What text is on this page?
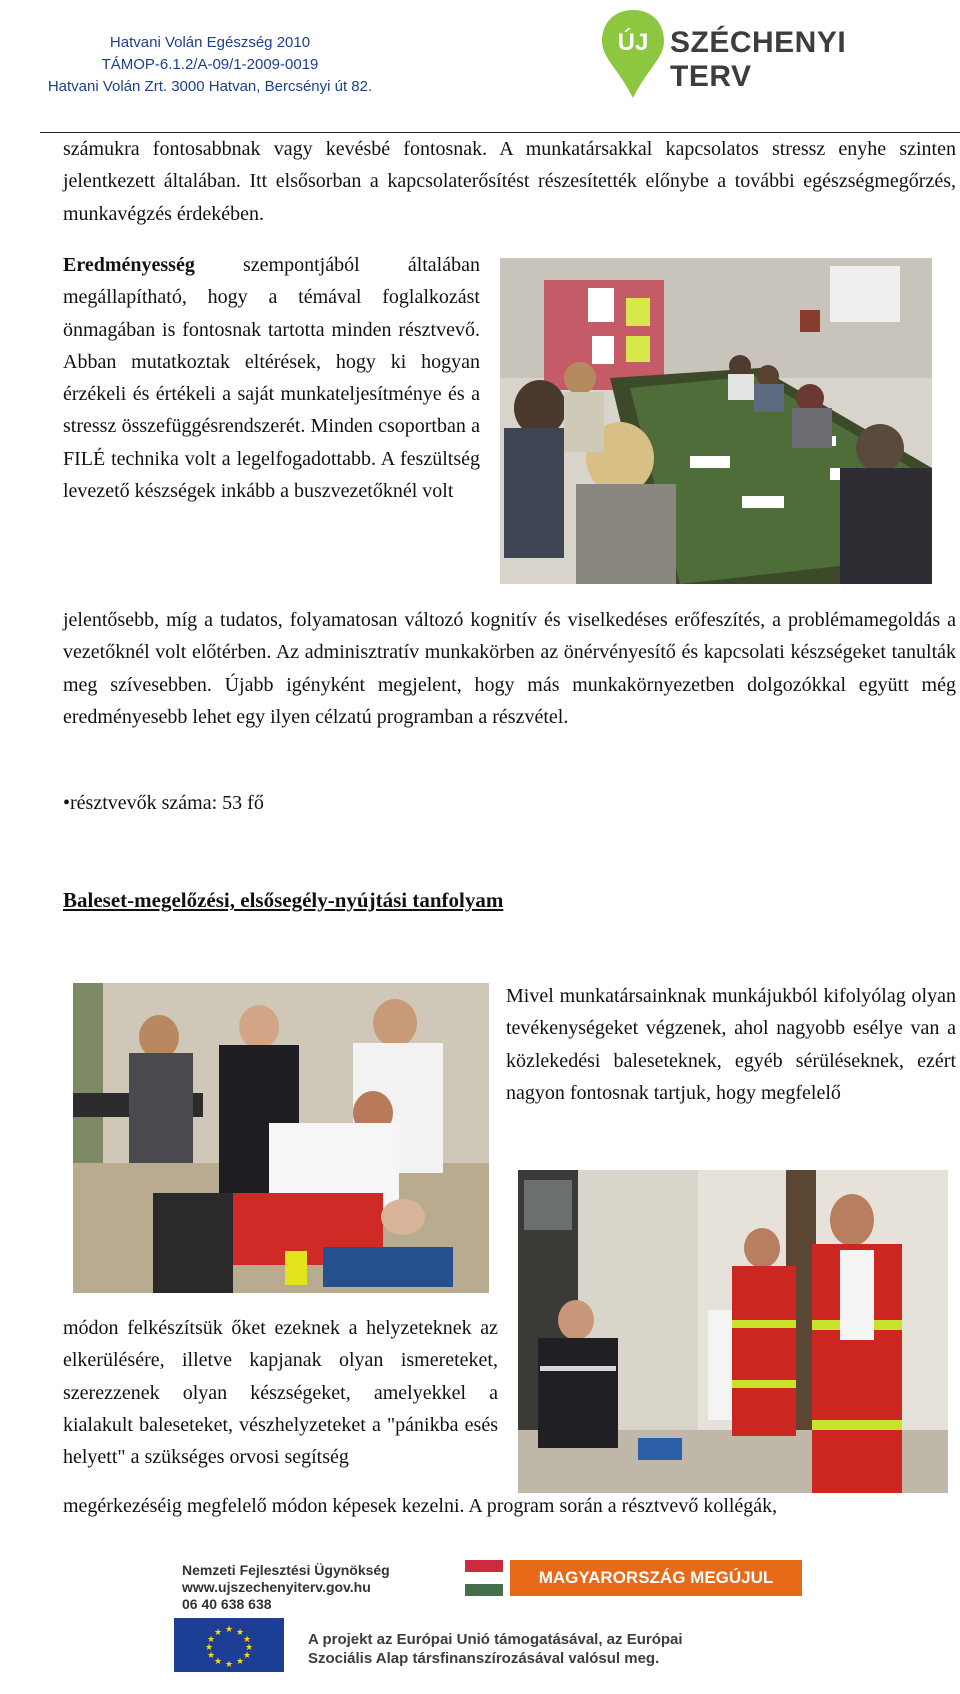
Hatvani Volán Egészség 2010
TÁMOP-6.1.2/A-09/1-2009-0019
Hatvani Volán Zrt. 3000 Hatvan, Bercsényi út 82.
ÚJ SZÉCHENYI TERV
számukra fontosabbnak vagy kevésbé fontosnak. A munkatársakkal kapcsolatos stressz enyhe szinten jelentkezett általában. Itt elsősorban a kapcsolaterősítést részesítették előnybe a további egészségmegőrzés, munkavégzés érdekében.
Eredményesség szempontjából általában megállapítható, hogy a témával foglalkozást önmagában is fontosnak tartotta minden résztvevő. Abban mutatkoztak eltérések, hogy ki hogyan érzékeli és értékeli a saját munkateljesítménye és a stressz összefüggésrendszerét. Minden csoportban a FILÉ technika volt a legelfogadottabb. A feszültség levezető készségek inkább a buszvezetőknél volt
jelentősebb, míg a tudatos, folyamatosan változó kognitív és viselkedéses erőfeszítés, a problémamegoldás a vezetőknél volt előtérben. Az adminisztratív munkakörben az önérvényesítő és kapcsolati készségeket tanulták meg szívesebben. Újabb igényként megjelent, hogy más munkakörnyezetben dolgozókkal együtt még eredményesebb lehet egy ilyen célzatú programban a részvétel.
•résztvevők száma: 53 fő
Baleset-megelőzési, elsősegély-nyújtási tanfolyam
Mivel munkatársainknak munkájukból kifolyólag olyan tevékenységeket végzenek, ahol nagyobb esélye van a közlekedési baleseteknek, egyéb sérüléseknek, ezért nagyon fontosnak tartjuk, hogy megfelelő
módon felkészítsük őket ezeknek a helyzeteknek az elkerülésére, illetve kapjanak olyan ismereteket, szerezzenek olyan készségeket, amelyekkel a kialakult baleseteket, vészhelyzeteket a "pánikba esés helyett" a szükséges orvosi segítség
megérkezéséig megfelelő módon képesek kezelni. A program során a résztvevő kollégák,
Nemzeti Fejlesztési Ügynökség
www.ujszechenyiterv.gov.hu
06 40 638 638
MAGYARORSZÁG MEGÚJUL
★ ★
★
★
★
★
★
★
★
★
★
★	A projekt az Európai Unió támogatásával, az Európai
Szociális Alap társfinanszírozásával valósul meg.
